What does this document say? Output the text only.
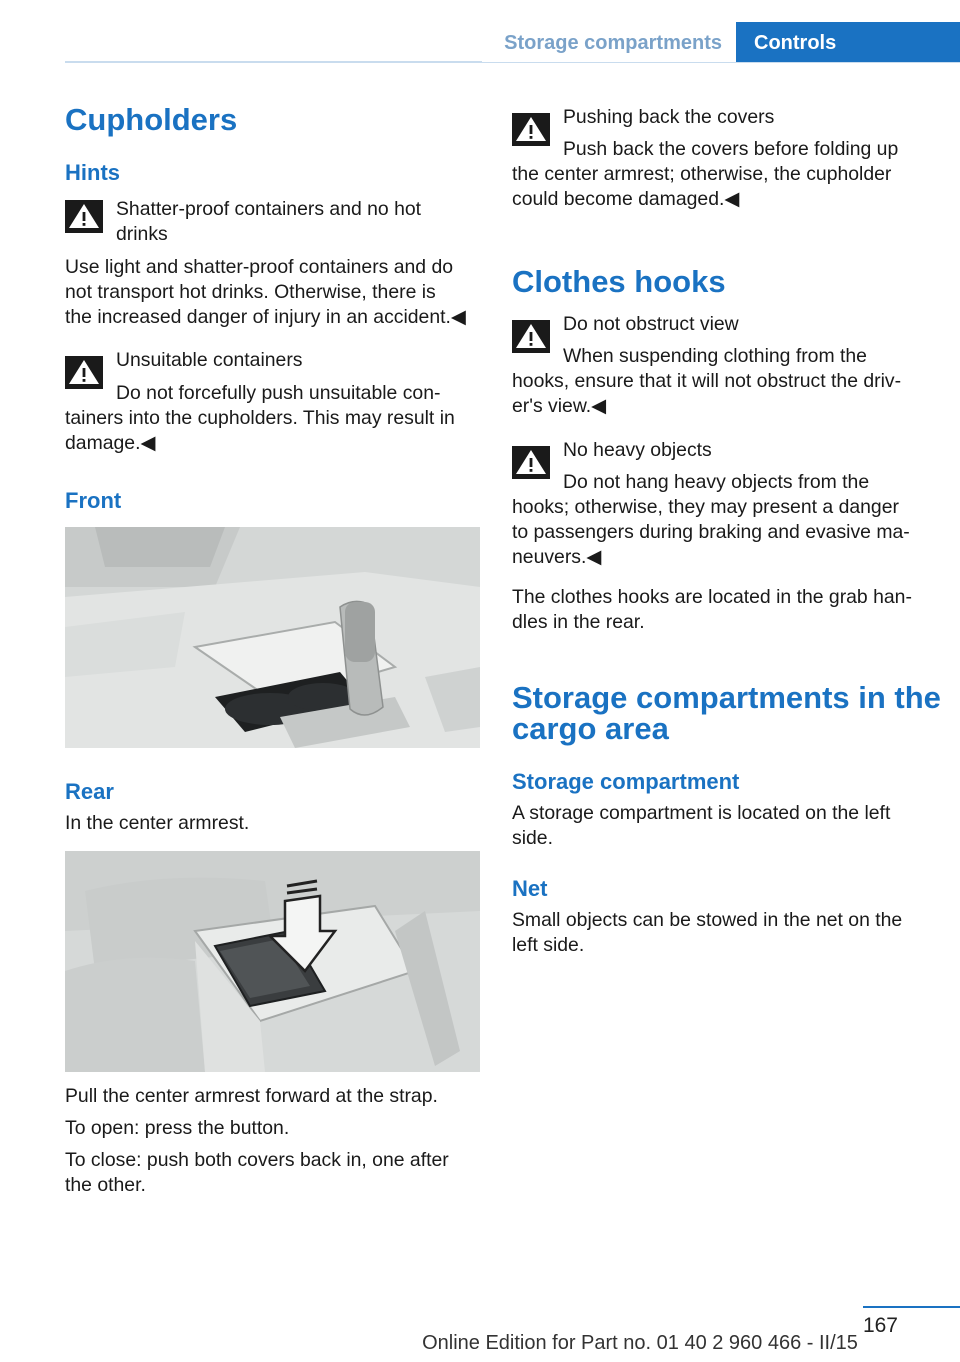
Storage compartments	Controls
Cupholders
Hints
Shatter-proof containers and no hot
drinks
Use light and shatter-proof containers and do
not transport hot drinks. Otherwise, there is
the increased danger of injury in an accident.◀
Unsuitable containers
Do not forcefully push unsuitable con-
tainers into the cupholders. This may result in
damage.◀
Front
Rear
In the center armrest.
Pull the center armrest forward at the strap.
To open: press the button.
To close: push both covers back in, one after
the other.
Pushing back the covers
Push back the covers before folding up
the center armrest; otherwise, the cupholder
could become damaged.◀
Clothes hooks
Do not obstruct view
When suspending clothing from the
hooks, ensure that it will not obstruct the driv-
er's view.◀
No heavy objects
Do not hang heavy objects from the
hooks; otherwise, they may present a danger
to passengers during braking and evasive ma-
neuvers.◀
The clothes hooks are located in the grab han-
dles in the rear.
Storage compartments in the
cargo area
Storage compartment
A storage compartment is located on the left
side.
Net
Small objects can be stowed in the net on the
left side.
167
Online Edition for Part no. 01 40 2 960 466 - II/15
